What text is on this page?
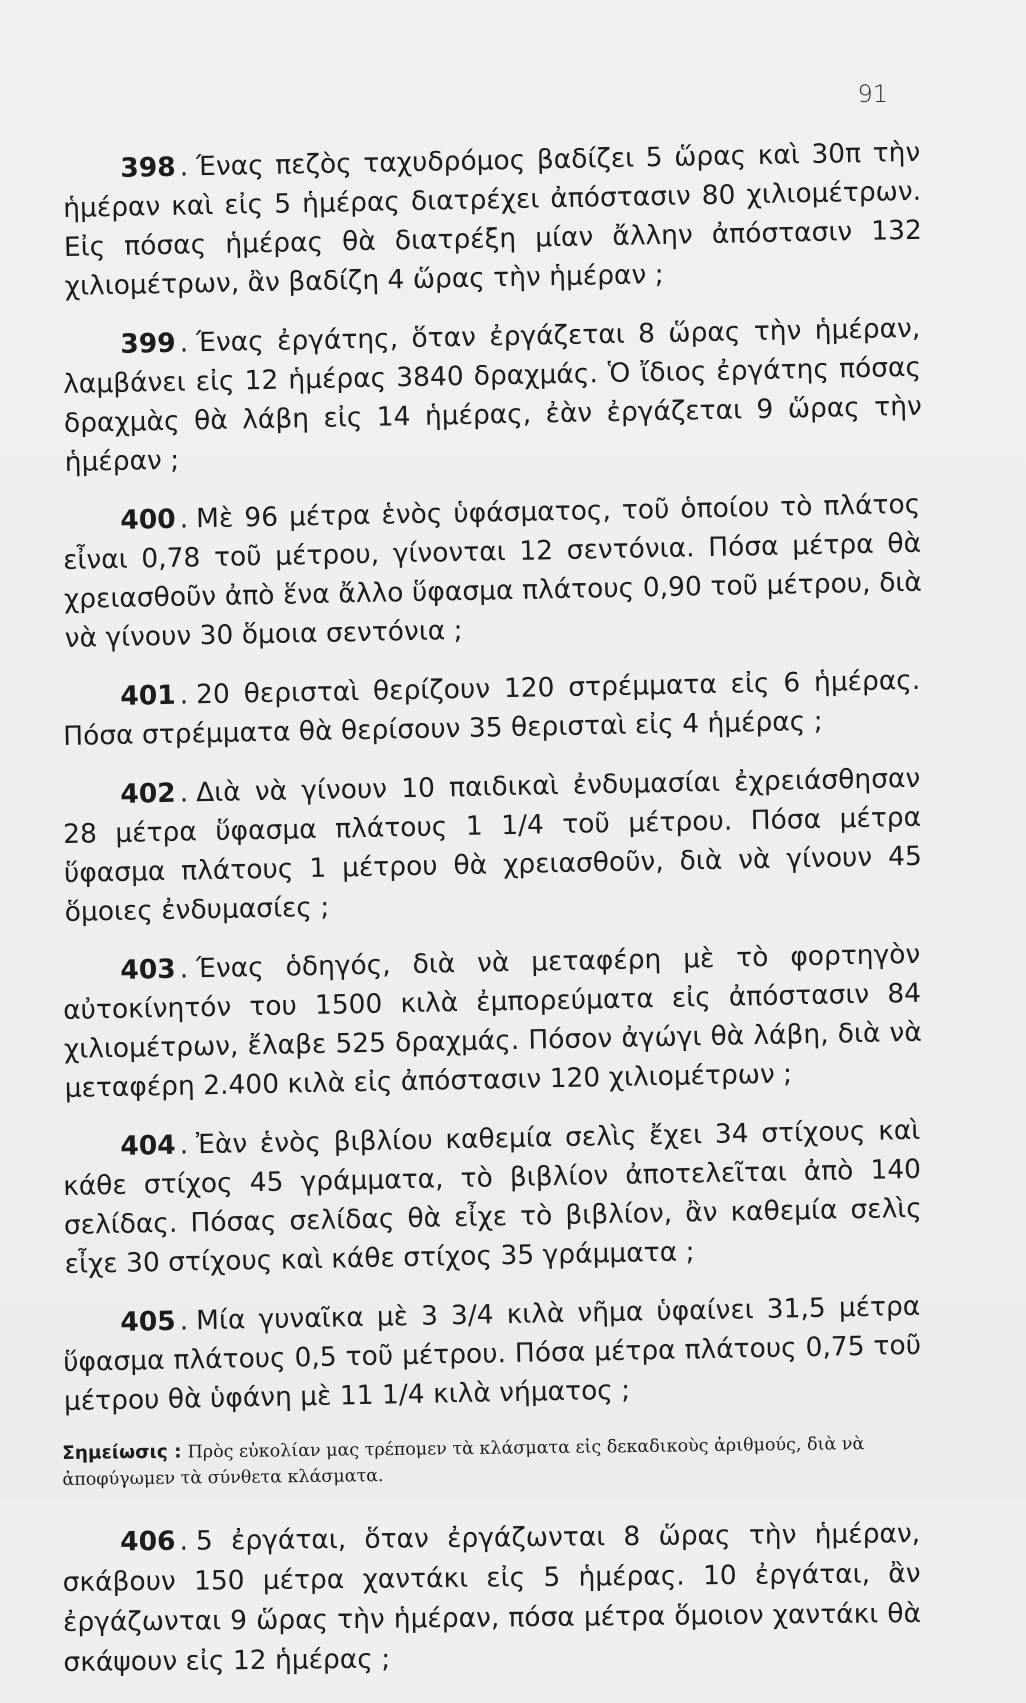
91

398 . Ένας πεζὸς ταχυδρόμος βαδίζει 5 ὥρας καὶ 30π τὴν ἡμέραν καὶ εἰς 5 ἡμέρας διατρέχει ἀπόστασιν 80 χιλιομέτρων. Εἰς πόσας ἡμέρας θὰ διατρέξη μίαν ἄλλην ἀπόστασιν 132 χιλιομέτρων, ἂν βαδίζη 4 ὥρας τὴν ἡμέραν ;

399 . Ένας ἐργάτης, ὅταν ἐργάζεται 8 ὥρας τὴν ἡμέραν, λαμβάνει εἰς 12 ἡμέρας 3840 δραχμάς. Ὁ ἴδιος ἐργάτης πόσας δραχμὰς θὰ λάβη εἰς 14 ἡμέρας, ἐὰν ἐργάζεται 9 ὥρας τὴν ἡμέραν ;

400 . Μὲ 96 μέτρα ἑνὸς ὑφάσματος, τοῦ ὁποίου τὸ πλάτος εἶναι 0,78 τοῦ μέτρου, γίνονται 12 σεντόνια. Πόσα μέτρα θὰ χρειασθοῦν ἀπὸ ἕνα ἄλλο ὕφασμα πλάτους 0,90 τοῦ μέτρου, διὰ νὰ γίνουν 30 ὅμοια σεντόνια ;

401 . 20 θερισταὶ θερίζουν 120 στρέμματα εἰς 6 ἡμέρας. Πόσα στρέμματα θὰ θερίσουν 35 θερισταὶ εἰς 4 ἡμέρας ;

402 . Διὰ νὰ γίνουν 10 παιδικαὶ ἐνδυμασίαι ἐχρειάσθησαν 28 μέτρα ὕφασμα πλάτους 1 1/4 τοῦ μέτρου. Πόσα μέτρα ὕφασμα πλάτους 1 μέτρου θὰ χρειασθοῦν, διὰ νὰ γίνουν 45 ὅμοιες ἐνδυμασίες ;

403 . Ένας ὁδηγός, διὰ νὰ μεταφέρη μὲ τὸ φορτηγὸν αὐτοκίνητόν του 1500 κιλὰ ἐμπορεύματα εἰς ἀπόστασιν 84 χιλιομέτρων, ἔλαβε 525 δραχμάς. Πόσον ἀγώγι θὰ λάβη, διὰ νὰ μεταφέρη 2.400 κιλὰ εἰς ἀπόστασιν 120 χιλιομέτρων ;

404 . Ἐὰν ἑνὸς βιβλίου καθεμία σελὶς ἔχει 34 στίχους καὶ κάθε στίχος 45 γράμματα, τὸ βιβλίον ἀποτελεῖται ἀπὸ 140 σελίδας. Πόσας σελίδας θὰ εἶχε τὸ βιβλίον, ἂν καθεμία σελὶς εἶχε 30 στίχους καὶ κάθε στίχος 35 γράμματα ;

405 . Μία γυναῖκα μὲ 3 3/4 κιλὰ νῆμα ὑφαίνει 31,5 μέτρα ὕφασμα πλάτους 0,5 τοῦ μέτρου. Πόσα μέτρα πλάτους 0,75 τοῦ μέτρου θὰ ὑφάνη μὲ 11 1/4 κιλὰ νήματος ;

Σημείωσις : Πρὸς εὐκολίαν μας τρέπομεν τὰ κλάσματα εἰς δεκαδικοὺς ἀριθμούς, διὰ νὰ ἀποφύγωμεν τὰ σύνθετα κλάσματα.

406 . 5 ἐργάται, ὅταν ἐργάζωνται 8 ὥρας τὴν ἡμέραν, σκάβουν 150 μέτρα χαντάκι εἰς 5 ἡμέρας. 10 ἐργάται, ἂν ἐργάζωνται 9 ὥρας τὴν ἡμέραν, πόσα μέτρα ὅμοιον χαντάκι θὰ σκάψουν εἰς 12 ἡμέρας ;
